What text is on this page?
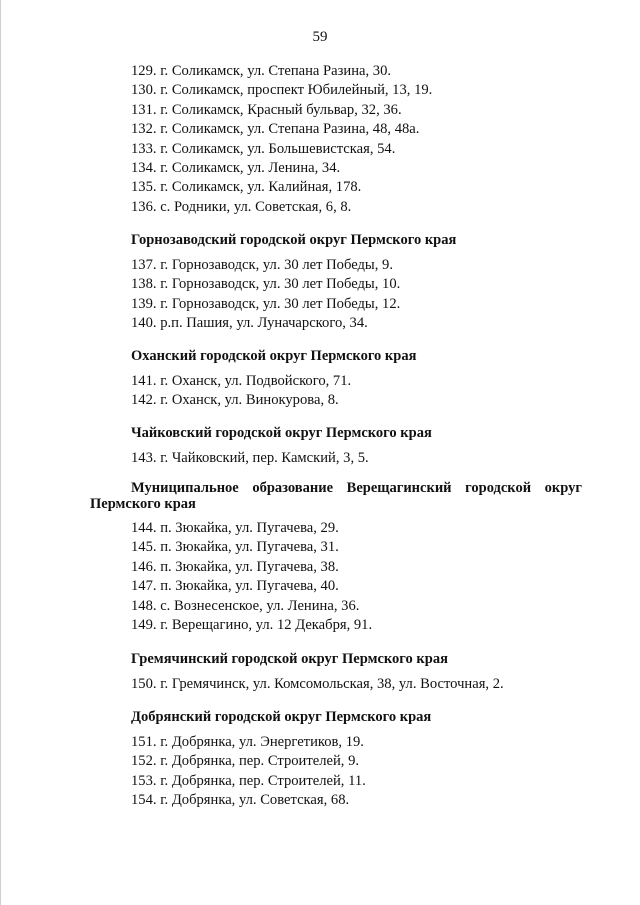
59
129. г. Соликамск, ул. Степана Разина, 30.
130. г. Соликамск, проспект Юбилейный, 13, 19.
131. г. Соликамск, Красный бульвар, 32, 36.
132. г. Соликамск, ул. Степана Разина, 48, 48а.
133. г. Соликамск, ул. Большевистская, 54.
134. г. Соликамск, ул. Ленина, 34.
135. г. Соликамск, ул. Калийная, 178.
136. с. Родники, ул. Советская, 6, 8.
Горнозаводский городской округ Пермского края
137. г. Горнозаводск, ул. 30 лет Победы, 9.
138. г. Горнозаводск, ул. 30 лет Победы, 10.
139. г. Горнозаводск, ул. 30 лет Победы, 12.
140. р.п. Пашия, ул. Луначарского, 34.
Оханский городской округ Пермского края
141. г. Оханск, ул. Подвойского, 71.
142. г. Оханск, ул. Винокурова, 8.
Чайковский городской округ Пермского края
143. г. Чайковский, пер. Камский, 3, 5.
Муниципальное образование Верещагинский городской округ
Пермского края
144. п. Зюкайка, ул. Пугачева, 29.
145. п. Зюкайка, ул. Пугачева, 31.
146. п. Зюкайка, ул. Пугачева, 38.
147. п. Зюкайка, ул. Пугачева, 40.
148. с. Вознесенское, ул. Ленина, 36.
149. г. Верещагино, ул. 12 Декабря, 91.
Гремячинский городской округ Пермского края
150. г. Гремячинск, ул. Комсомольская, 38, ул. Восточная, 2.
Добрянский городской округ Пермского края
151. г. Добрянка, ул. Энергетиков, 19.
152. г. Добрянка, пер. Строителей, 9.
153. г. Добрянка, пер. Строителей, 11.
154. г. Добрянка, ул. Советская, 68.
